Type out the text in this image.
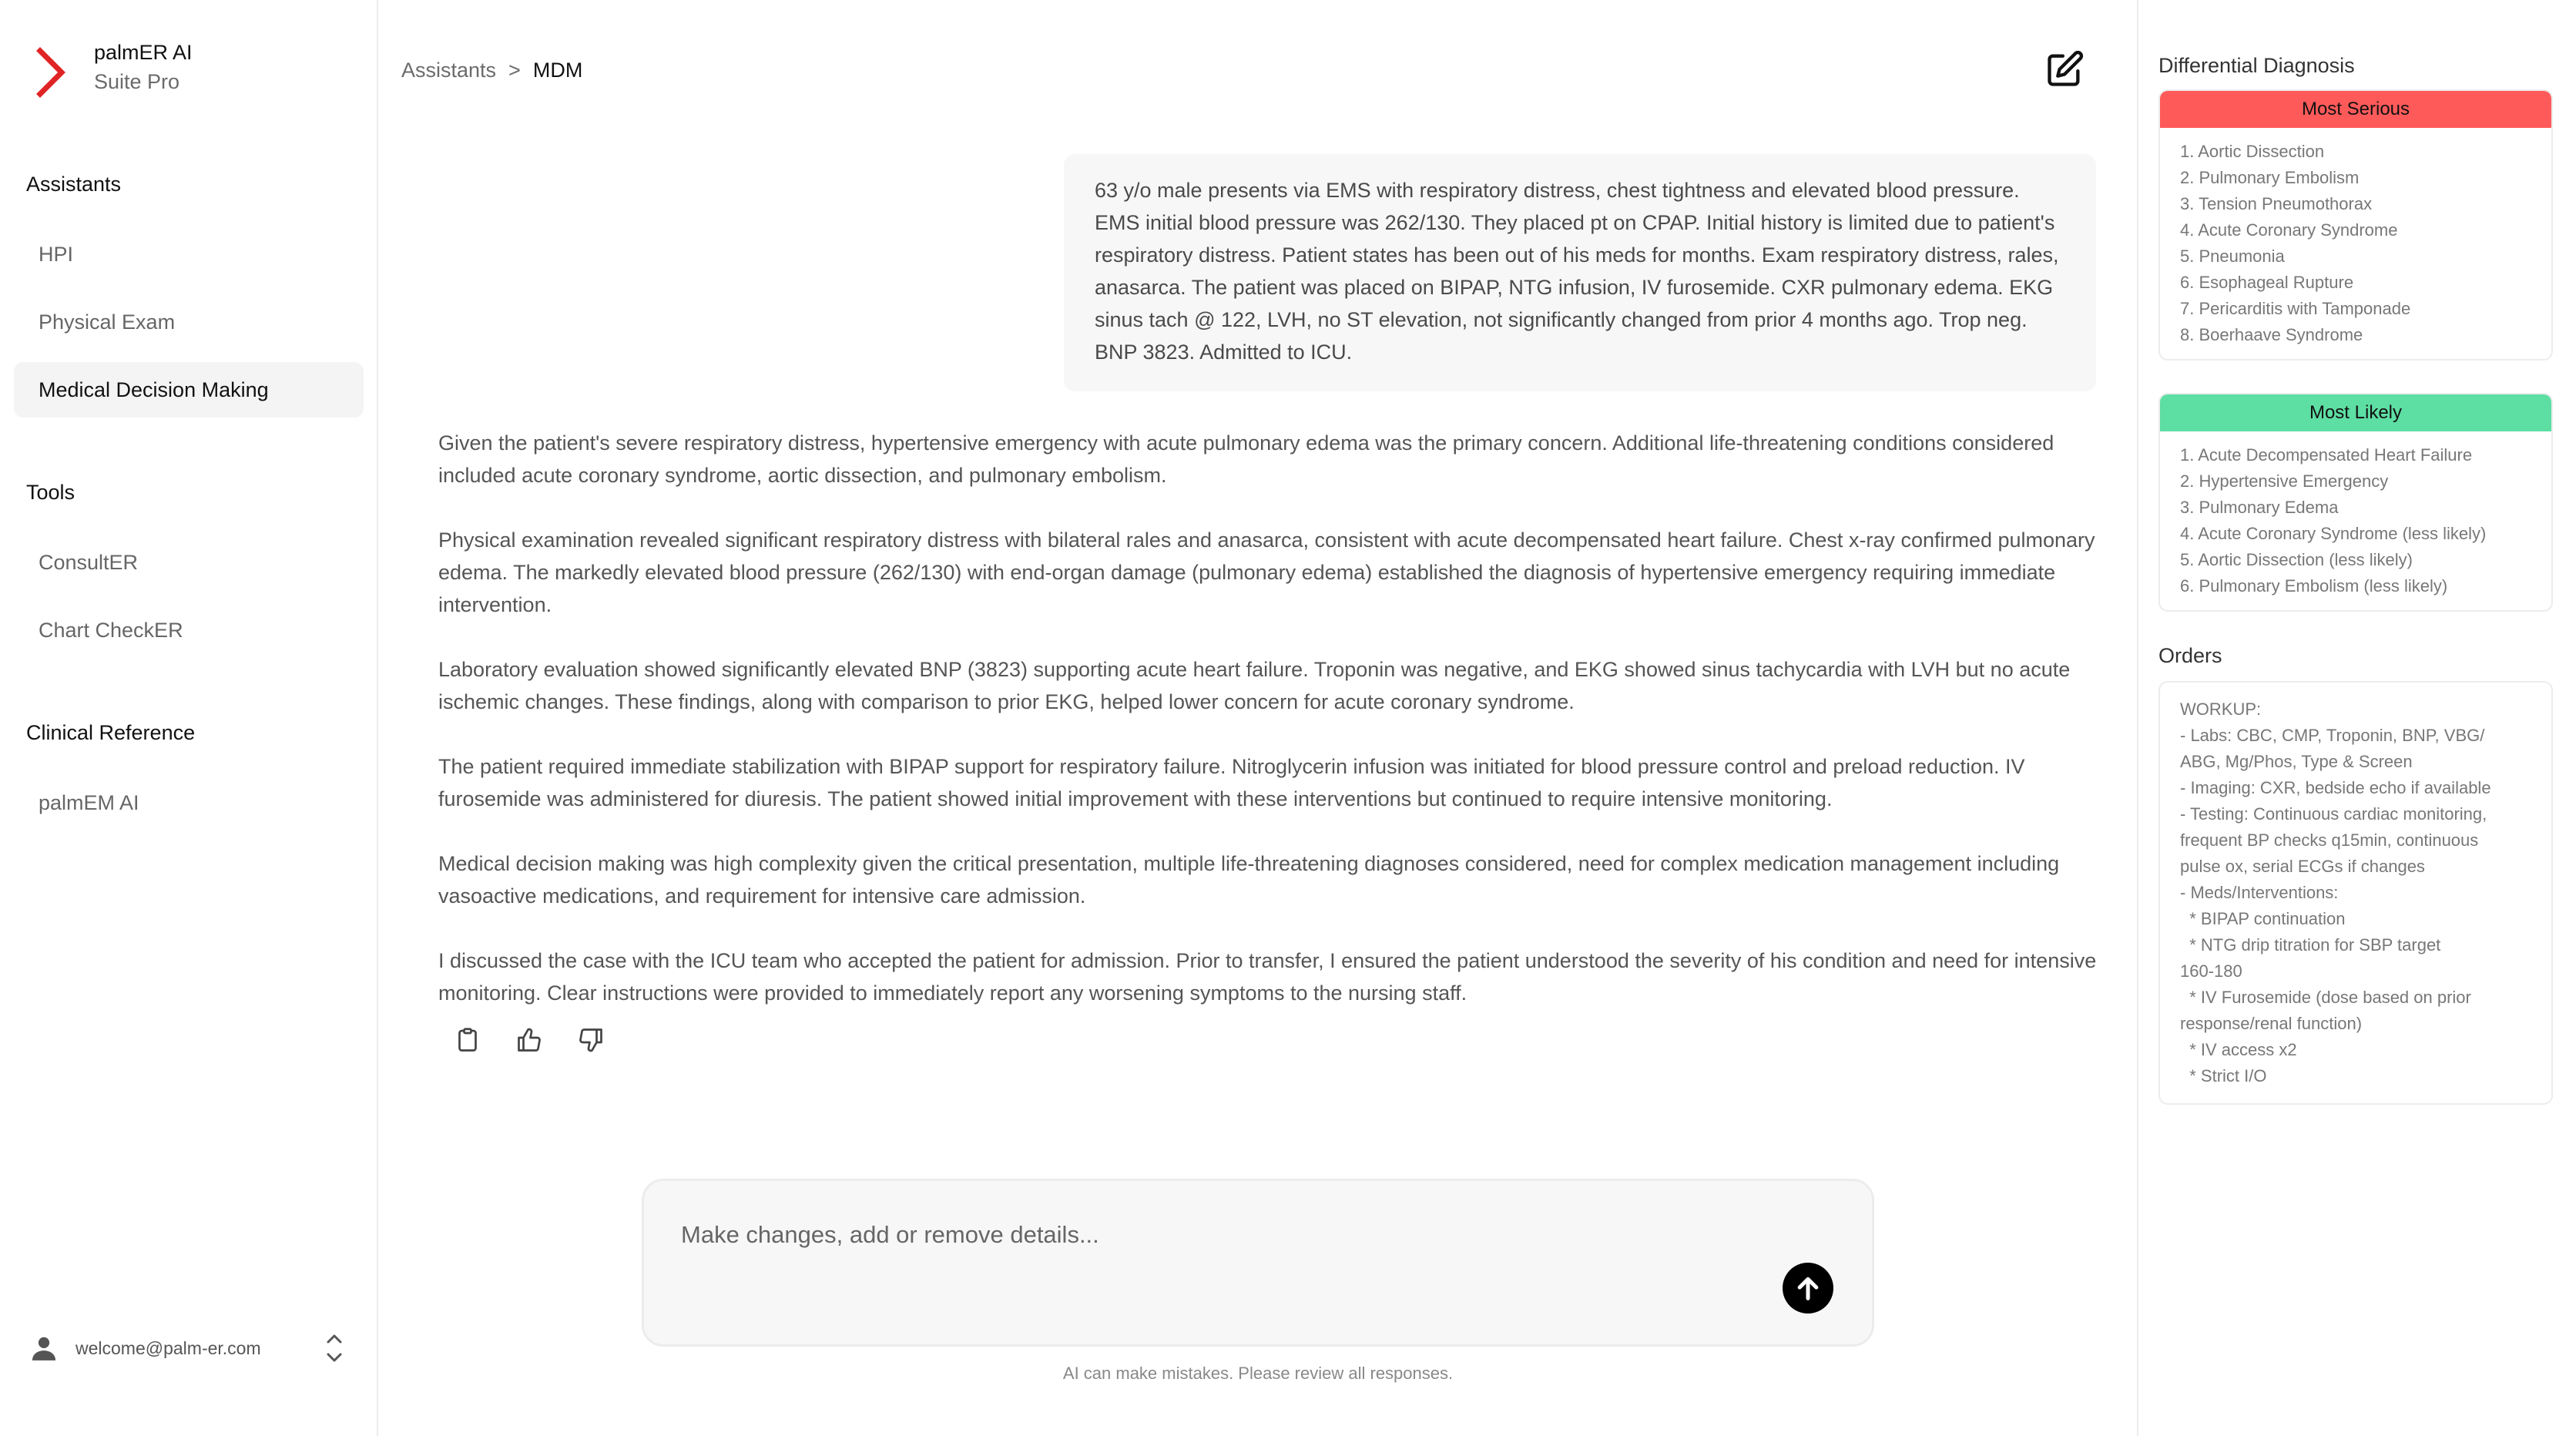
palmER AI
Suite Pro
Assistants
HPI
Physical Exam
Medical Decision Making
Tools
ConsultER
Chart CheckER
Clinical Reference
palmEM AI
welcome@palm-er.com
Assistants > MDM
63 y/o male presents via EMS with respiratory distress, chest tightness and elevated blood pressure. EMS initial blood pressure was 262/130. They placed pt on CPAP. Initial history is limited due to patient's respiratory distress. Patient states has been out of his meds for months. Exam respiratory distress, rales, anasarca. The patient was placed on BIPAP, NTG infusion, IV furosemide. CXR pulmonary edema. EKG sinus tach @ 122, LVH, no ST elevation, not significantly changed from prior 4 months ago. Trop neg. BNP 3823. Admitted to ICU.

Given the patient's severe respiratory distress, hypertensive emergency with acute pulmonary edema was the primary concern. Additional life-threatening conditions considered included acute coronary syndrome, aortic dissection, and pulmonary embolism.

Physical examination revealed significant respiratory distress with bilateral rales and anasarca, consistent with acute decompensated heart failure. Chest x-ray confirmed pulmonary edema. The markedly elevated blood pressure (262/130) with end-organ damage (pulmonary edema) established the diagnosis of hypertensive emergency requiring immediate intervention.

Laboratory evaluation showed significantly elevated BNP (3823) supporting acute heart failure. Troponin was negative, and EKG showed sinus tachycardia with LVH but no acute ischemic changes. These findings, along with comparison to prior EKG, helped lower concern for acute coronary syndrome.

The patient required immediate stabilization with BIPAP support for respiratory failure. Nitroglycerin infusion was initiated for blood pressure control and preload reduction. IV furosemide was administered for diuresis. The patient showed initial improvement with these interventions but continued to require intensive monitoring.

Medical decision making was high complexity given the critical presentation, multiple life-threatening diagnoses considered, need for complex medication management including vasoactive medications, and requirement for intensive care admission.

I discussed the case with the ICU team who accepted the patient for admission. Prior to transfer, I ensured the patient understood the severity of his condition and need for intensive monitoring. Clear instructions were provided to immediately report any worsening symptoms to the nursing staff.

Make changes, add or remove details...
AI can make mistakes. Please review all responses.
Differential Diagnosis
Most Serious
1. Aortic Dissection
2. Pulmonary Embolism
3. Tension Pneumothorax
4. Acute Coronary Syndrome
5. Pneumonia
6. Esophageal Rupture
7. Pericarditis with Tamponade
8. Boerhaave Syndrome
Most Likely
1. Acute Decompensated Heart Failure
2. Hypertensive Emergency
3. Pulmonary Edema
4. Acute Coronary Syndrome (less likely)
5. Aortic Dissection (less likely)
6. Pulmonary Embolism (less likely)
Orders
WORKUP:
- Labs: CBC, CMP, Troponin, BNP, VBG/
ABG, Mg/Phos, Type & Screen
- Imaging: CXR, bedside echo if available
- Testing: Continuous cardiac monitoring,
frequent BP checks q15min, continuous
pulse ox, serial ECGs if changes
- Meds/Interventions:
* BIPAP continuation
* NTG drip titration for SBP target
160-180
* IV Furosemide (dose based on prior
response/renal function)
* IV access x2
* Strict I/O
